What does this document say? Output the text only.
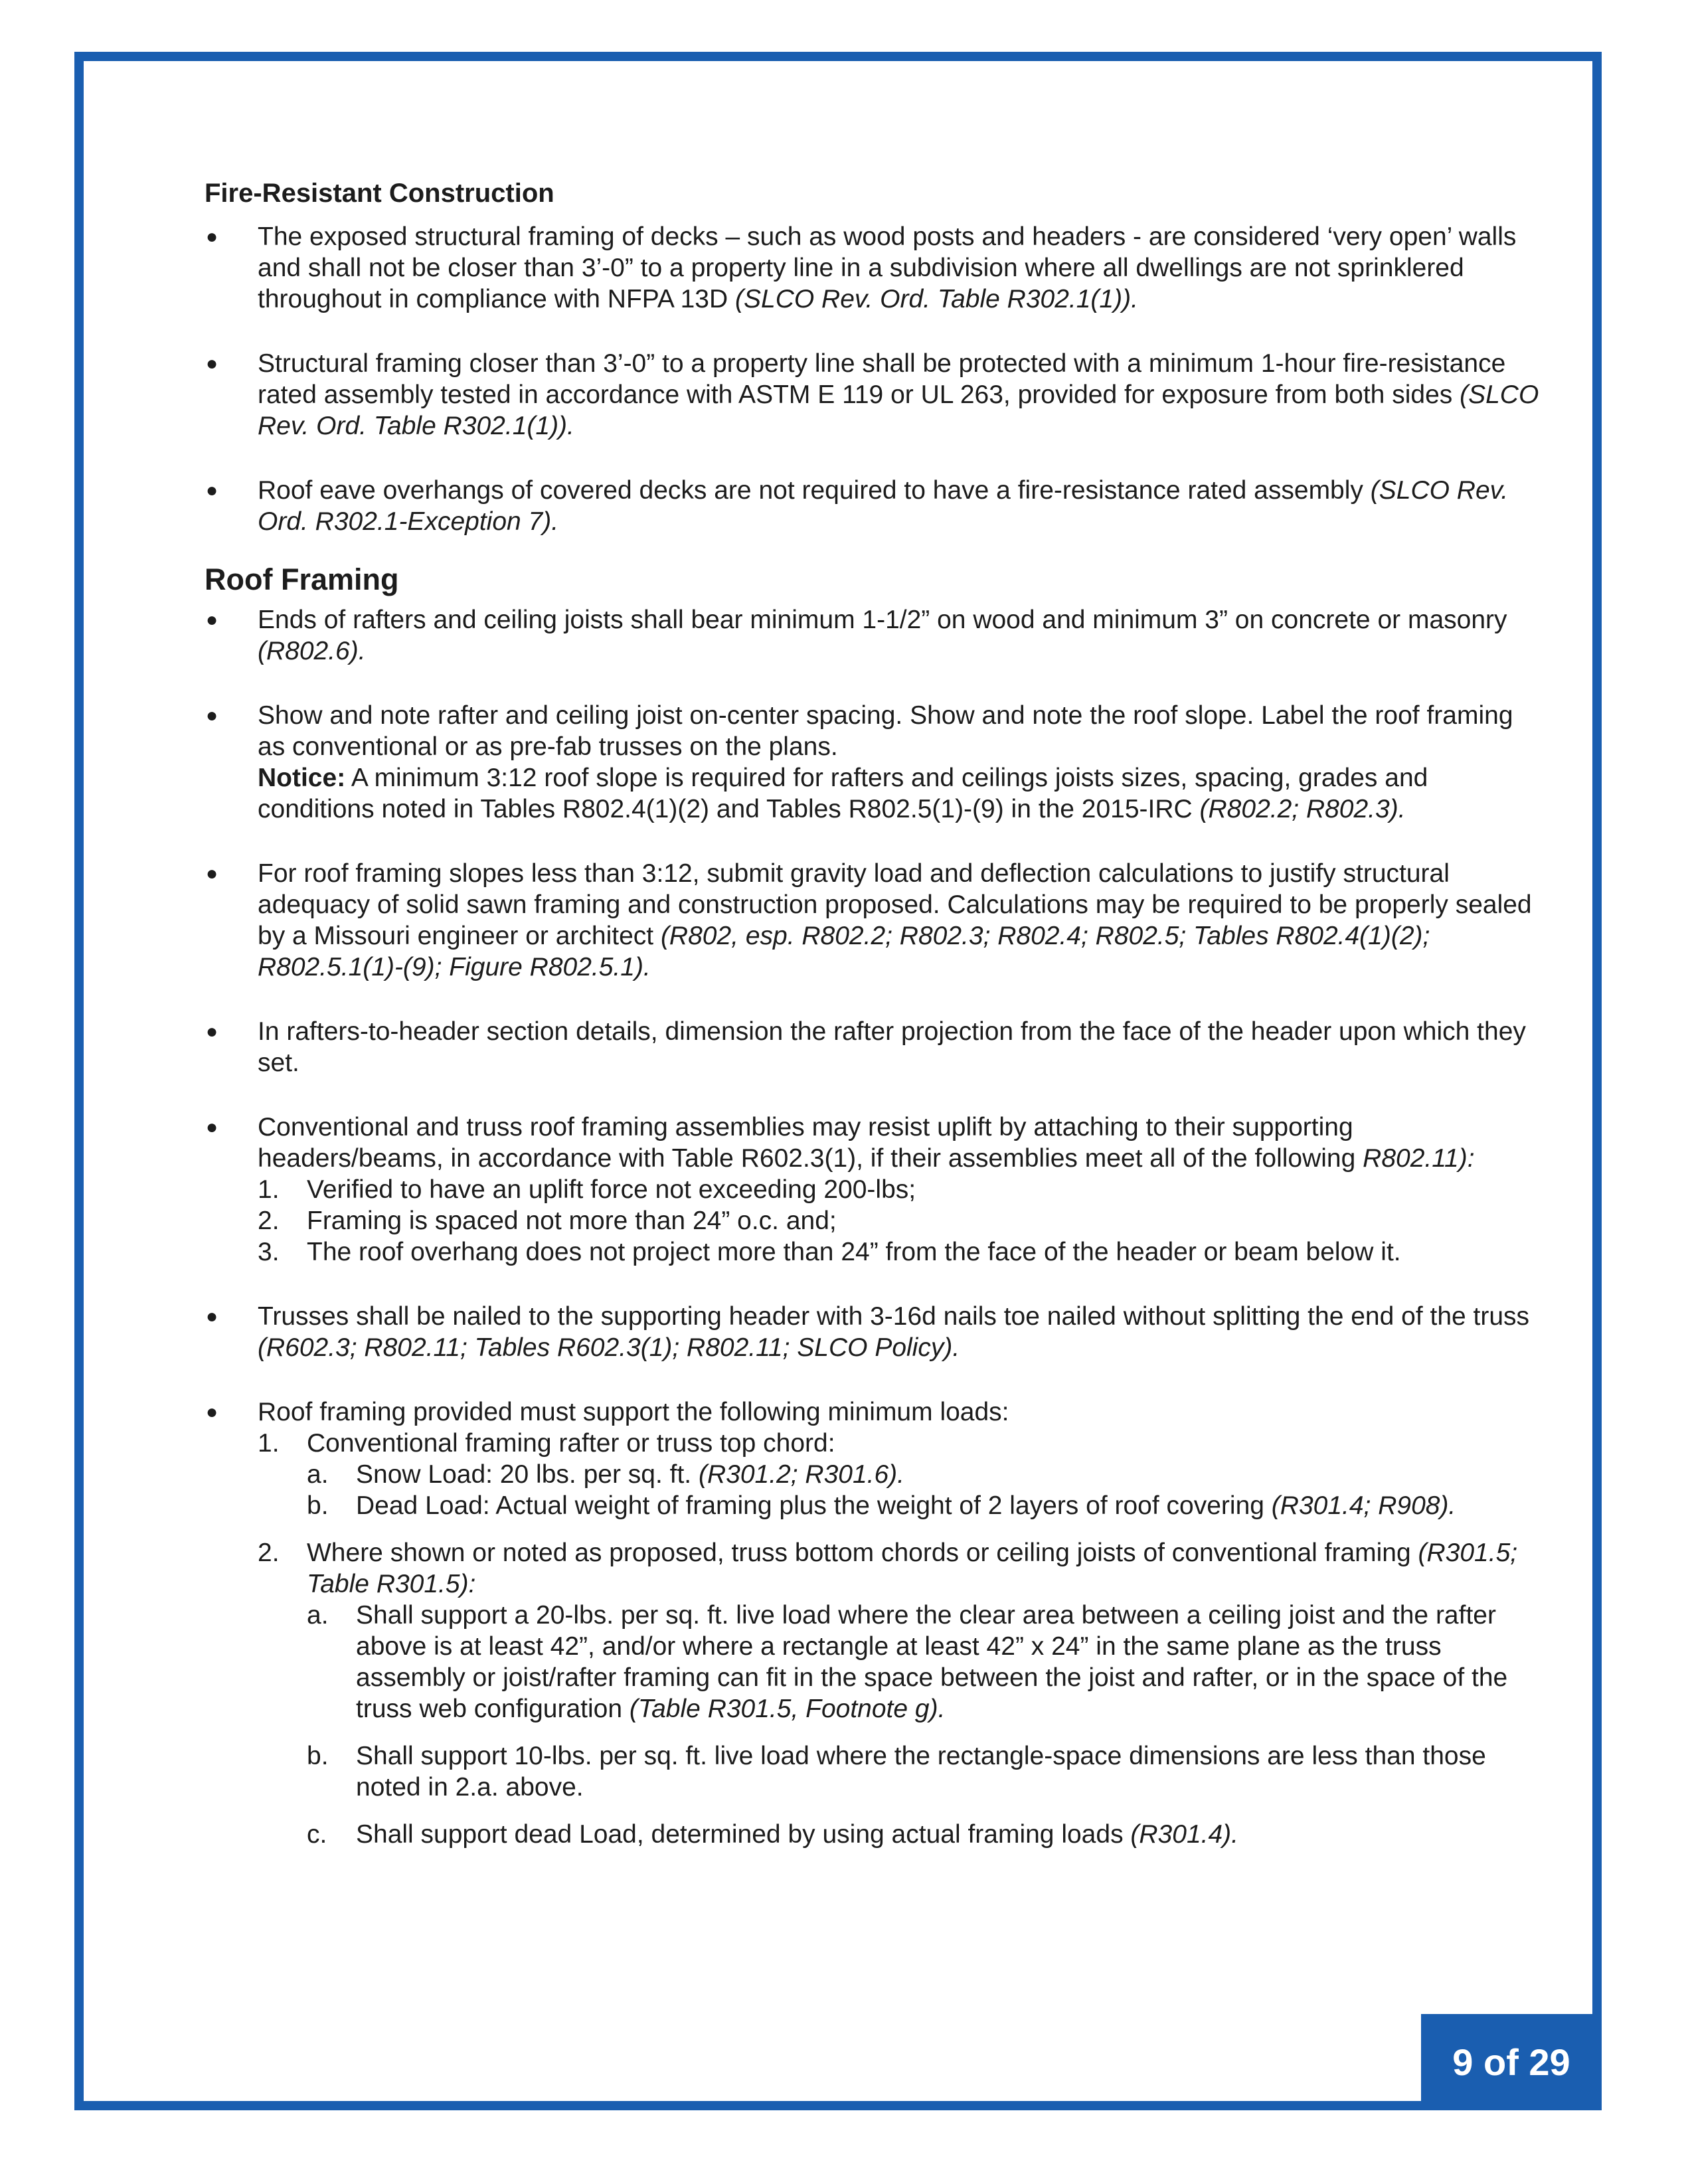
Fire-Resistant Construction
● The exposed structural framing of decks – such as wood posts and headers - are considered ‘very open’ walls and shall not be closer than 3’-0” to a property line in a subdivision where all dwellings are not sprinklered throughout in compliance with NFPA 13D (SLCO Rev. Ord. Table R302.1(1)).
● Structural framing closer than 3’-0” to a property line shall be protected with a minimum 1-hour fire-resistance rated assembly tested in accordance with ASTM E 119 or UL 263, provided for exposure from both sides (SLCO Rev. Ord. Table R302.1(1)).
● Roof eave overhangs of covered decks are not required to have a fire-resistance rated assembly (SLCO Rev. Ord. R302.1-Exception 7).
Roof Framing
● Ends of rafters and ceiling joists shall bear minimum 1-1/2” on wood and minimum 3” on concrete or masonry (R802.6).
● Show and note rafter and ceiling joist on-center spacing. Show and note the roof slope. Label the roof framing as conventional or as pre-fab trusses on the plans.
Notice: A minimum 3:12 roof slope is required for rafters and ceilings joists sizes, spacing, grades and conditions noted in Tables R802.4(1)(2) and Tables R802.5(1)-(9) in the 2015-IRC (R802.2; R802.3).
● For roof framing slopes less than 3:12, submit gravity load and deflection calculations to justify structural adequacy of solid sawn framing and construction proposed. Calculations may be required to be properly sealed by a Missouri engineer or architect (R802, esp. R802.2; R802.3; R802.4; R802.5; Tables R802.4(1)(2); R802.5.1(1)-(9); Figure R802.5.1).
● In rafters-to-header section details, dimension the rafter projection from the face of the header upon which they set.
● Conventional and truss roof framing assemblies may resist uplift by attaching to their supporting headers/beams, in accordance with Table R602.3(1), if their assemblies meet all of the following R802.11):
1. Verified to have an uplift force not exceeding 200-lbs;
2. Framing is spaced not more than 24” o.c. and;
3. The roof overhang does not project more than 24” from the face of the header or beam below it.
● Trusses shall be nailed to the supporting header with 3-16d nails toe nailed without splitting the end of the truss (R602.3; R802.11; Tables R602.3(1); R802.11; SLCO Policy).
● Roof framing provided must support the following minimum loads:
1. Conventional framing rafter or truss top chord:
a. Snow Load: 20 lbs. per sq. ft. (R301.2; R301.6).
b. Dead Load: Actual weight of framing plus the weight of 2 layers of roof covering (R301.4; R908).
2. Where shown or noted as proposed, truss bottom chords or ceiling joists of conventional framing (R301.5; Table R301.5):
a. Shall support a 20-lbs. per sq. ft. live load where the clear area between a ceiling joist and the rafter above is at least 42”, and/or where a rectangle at least 42” x 24” in the same plane as the truss assembly or joist/rafter framing can fit in the space between the joist and rafter, or in the space of the truss web configuration (Table R301.5, Footnote g).
b. Shall support 10-lbs. per sq. ft. live load where the rectangle-space dimensions are less than those noted in 2.a. above.
c. Shall support dead Load, determined by using actual framing loads (R301.4).
9 of 29
